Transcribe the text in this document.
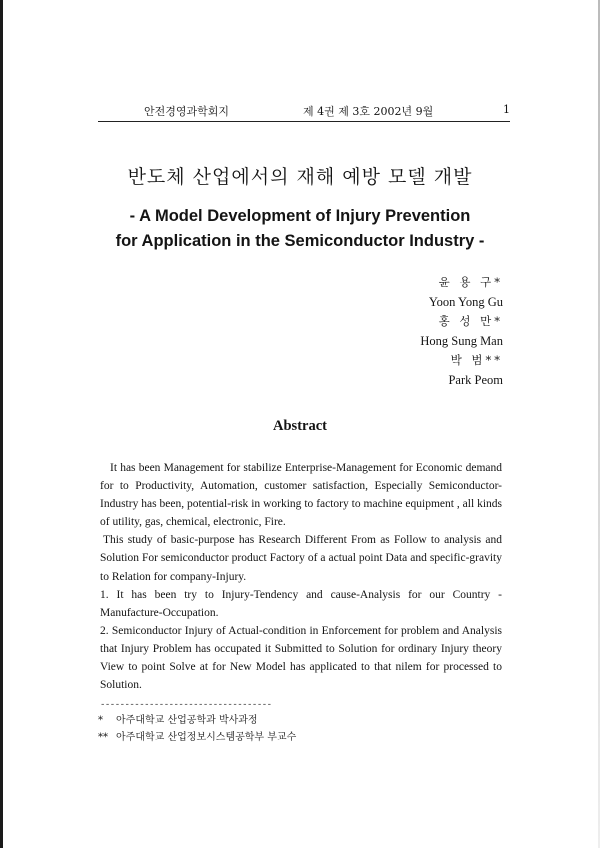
안전경영과학회지	제 4권 제 3호 2002년 9월	1
반도체 산업에서의 재해 예방 모델 개발
- A Model Development of Injury Prevention
for Application in the Semiconductor Industry -
윤 용 구*
Yoon Yong Gu
홍 성 만*
Hong Sung Man
박 범**
Park Peom
Abstract

It has been Management for stabilize Enterprise-Management for Economic demand for to Productivity, Automation, customer satisfaction, Especially Semiconductor-Industry has been, potential-risk in working to factory to machine equipment , all kinds of utility, gas, chemical, electronic, Fire.

This study of basic-purpose has Research Different From as Follow to analysis and Solution For semiconductor product Factory of a actual point Data and specific-gravity to Relation for company-Injury.

1. It has been try to Injury-Tendency and cause-Analysis for our Country -Manufacture-Occupation.

2. Semiconductor Injury of Actual-condition in Enforcement for problem and Analysis that Injury Problem has occupated it Submitted to Solution for ordinary Injury theory View to point Solve at for New Model has applicated to that nilem for processed to Solution.

-----------------------------------
* 아주대학교 산업공학과 박사과정
** 아주대학교 산업정보시스템공학부 부교수
